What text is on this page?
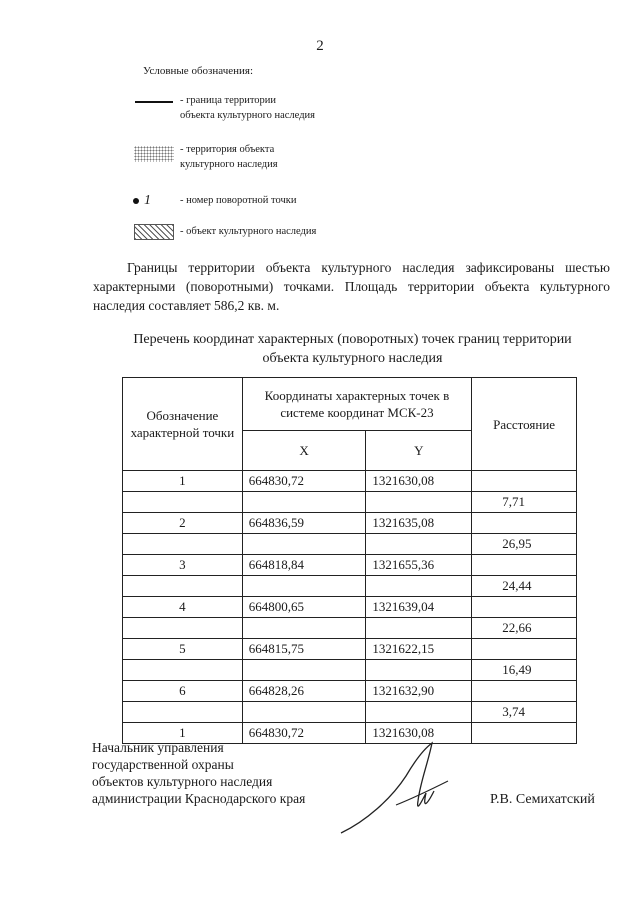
2
Условные обозначения:
- граница территории
объекта культурного наследия
- территория объекта
культурного наследия
1	- номер поворотной точки
- объект культурного наследия
Границы территории объекта культурного наследия зафиксированы шестью характерными (поворотными) точками. Площадь территории объекта культурного наследия составляет 586,2 кв. м.
Перечень координат характерных (поворотных) точек границ территории
объекта культурного наследия
Обозначение характерной точки	Координаты характерных точек в системе координат МСК-23		Расстояние
	X	Y	
1	664830,72	1321630,08	
			7,71
2	664836,59	1321635,08	
			26,95
3	664818,84	1321655,36	
			24,44
4	664800,65	1321639,04	
			22,66
5	664815,75	1321622,15	
			16,49
6	664828,26	1321632,90	
			3,74
1	664830,72	1321630,08	
Начальник управления
государственной охраны
объектов культурного наследия
администрации Краснодарского края	Р.В. Семихатский
